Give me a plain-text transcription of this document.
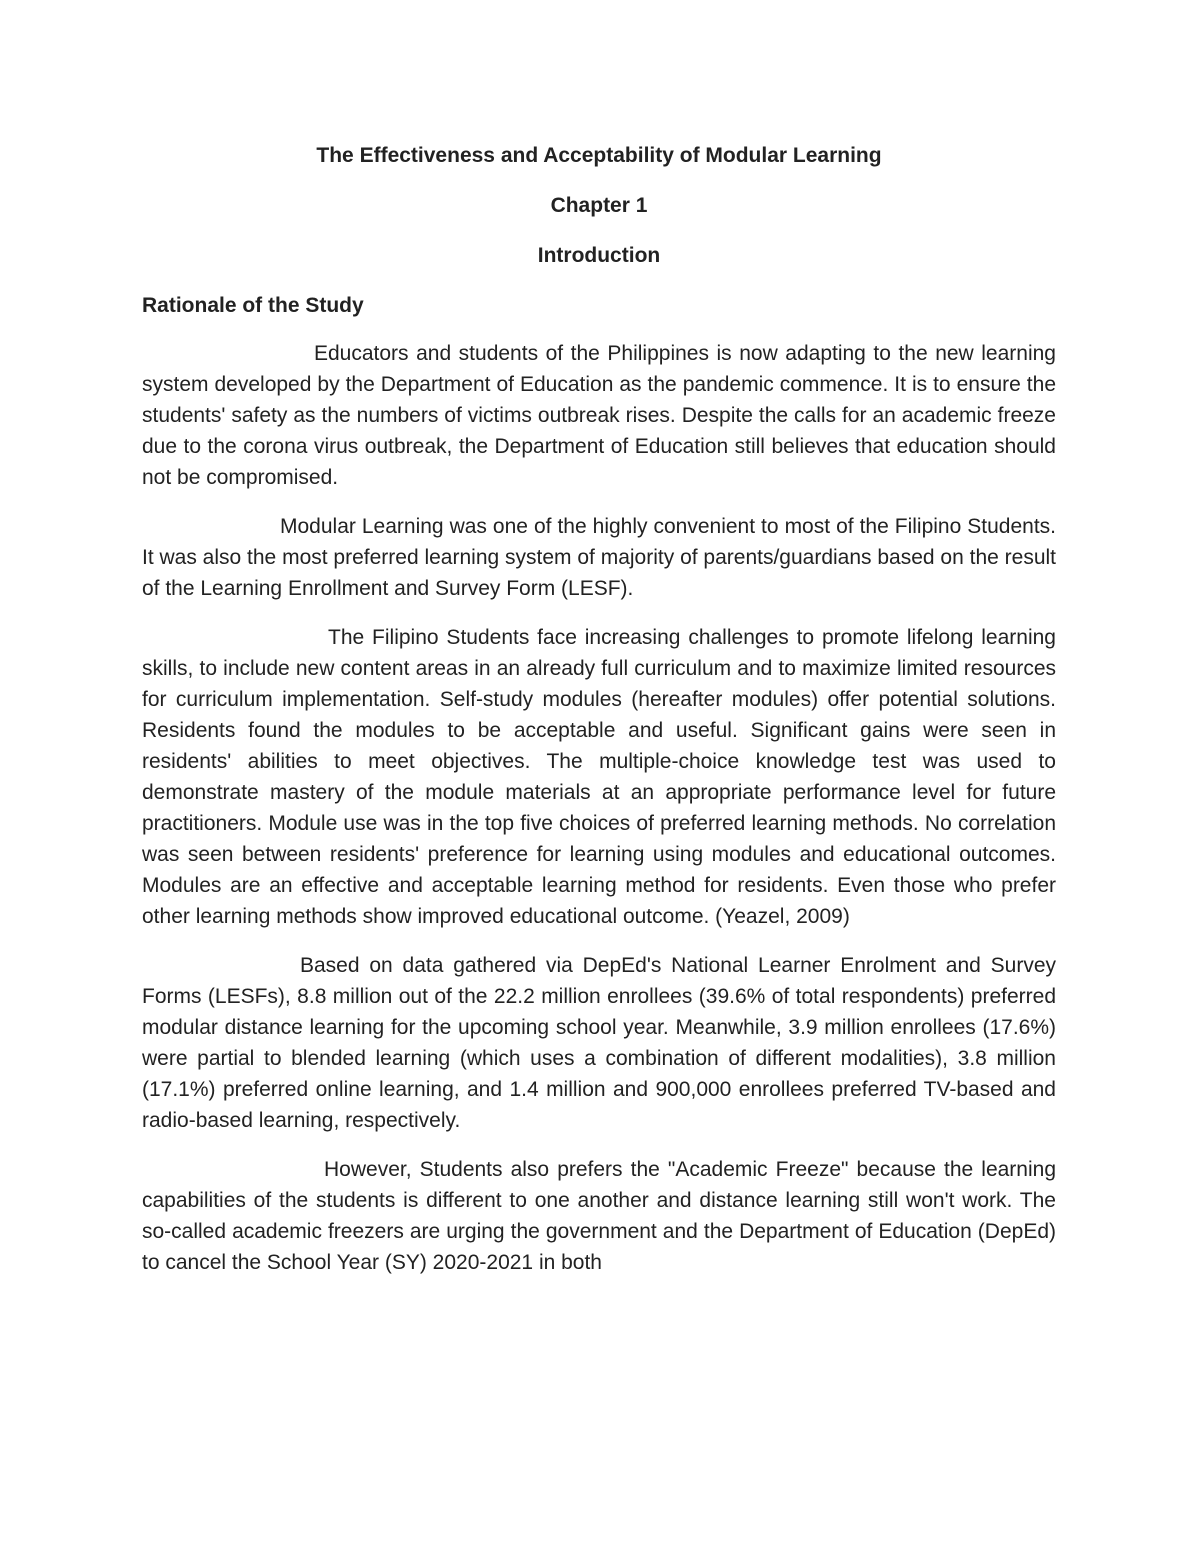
The Effectiveness and Acceptability of Modular Learning
Chapter 1
Introduction
Rationale of the Study

Educators and students of the Philippines is now adapting to the new learning system developed by the Department of Education as the pandemic commence. It is to ensure the students' safety as the numbers of victims outbreak rises. Despite the calls for an academic freeze due to the corona virus outbreak, the Department of Education still believes that education should not be compromised.

Modular Learning was one of the highly convenient to most of the Filipino Students. It was also the most preferred learning system of majority of parents/guardians based on the result of the Learning Enrollment and Survey Form (LESF).

The Filipino Students face increasing challenges to promote lifelong learning skills, to include new content areas in an already full curriculum and to maximize limited resources for curriculum implementation. Self-study modules (hereafter modules) offer potential solutions. Residents found the modules to be acceptable and useful. Significant gains were seen in residents' abilities to meet objectives. The multiple-choice knowledge test was used to demonstrate mastery of the module materials at an appropriate performance level for future practitioners. Module use was in the top five choices of preferred learning methods. No correlation was seen between residents' preference for learning using modules and educational outcomes. Modules are an effective and acceptable learning method for residents. Even those who prefer other learning methods show improved educational outcome. (Yeazel, 2009)

Based on data gathered via DepEd's National Learner Enrolment and Survey Forms (LESFs), 8.8 million out of the 22.2 million enrollees (39.6% of total respondents) preferred modular distance learning for the upcoming school year. Meanwhile, 3.9 million enrollees (17.6%) were partial to blended learning (which uses a combination of different modalities), 3.8 million (17.1%) preferred online learning, and 1.4 million and 900,000 enrollees preferred TV-based and radio-based learning, respectively.

However, Students also prefers the "Academic Freeze" because the learning capabilities of the students is different to one another and distance learning still won't work. The so-called academic freezers are urging the government and the Department of Education (DepEd) to cancel the School Year (SY) 2020-2021 in both
